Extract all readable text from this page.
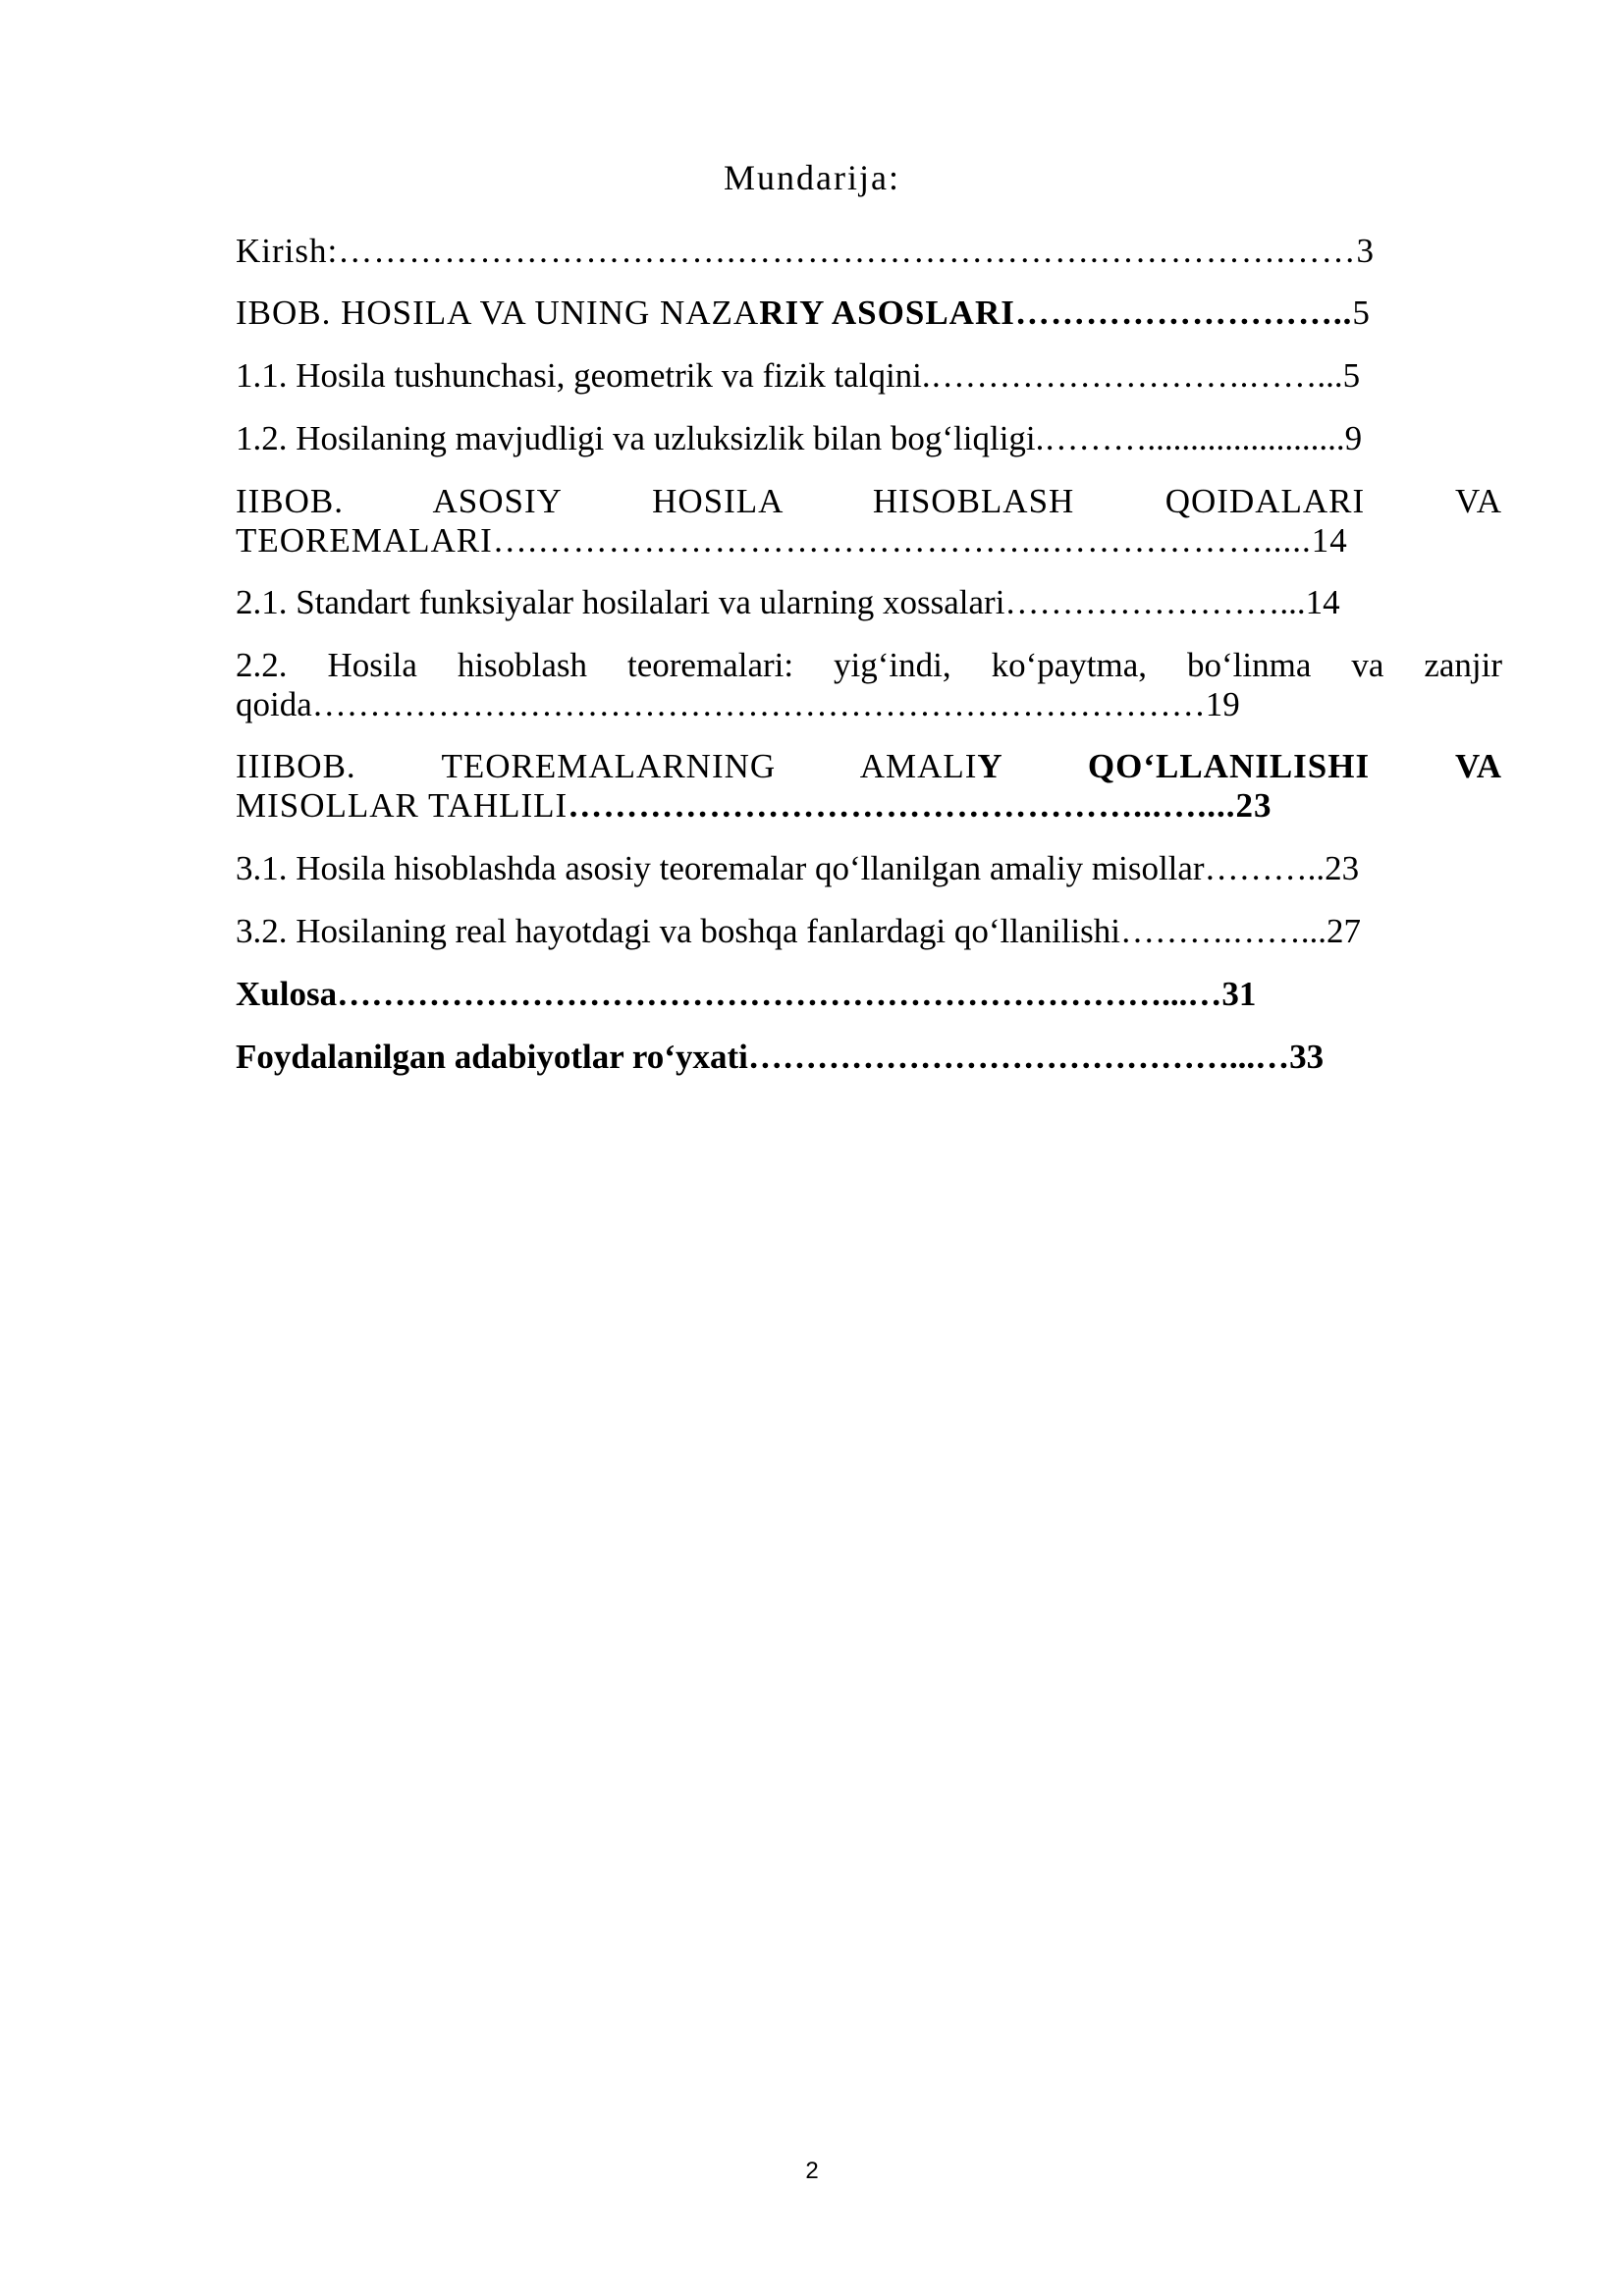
Mundarija:
Kirish:…………………………….………………………….…………….……3
IBOB. HOSILA VA UNING NAZARIY ASOSLARI………………………..5
1.1. Hosila tushunchasi, geometrik va fizik talqini.……………………….……...5
1.2. Hosilaning mavjudligi va uzluksizlik bilan bog‘liqligi.……….......................9
IIBOB. ASOSIY HOSILA HISOBLASH QOIDALARI VA
TEOREMALARI….……………………………………..……………….....14
2.1. Standart funksiyalar hosilalari va ularning xossalari……………………...14
2.2. Hosila hisoblash teoremalari: yig‘indi, ko‘paytma, bo‘linma va zanjir
qoida……………………………………………………………………19
IIIBOB. TEOREMALARNING AMALIY QO‘LLANILISHI VA
MISOLLAR TAHLILI…………………………………………...…....23
3.1. Hosila hisoblashda asosiy teoremalar qo‘llanilgan amaliy misollar………..23
3.2. Hosilaning real hayotdagi va boshqa fanlardagi qo‘llanilishi……….……...27
Xulosa………………………………………………………………...…31
Foydalanilgan adabiyotlar ro‘yxati……………………………………...…33
2
